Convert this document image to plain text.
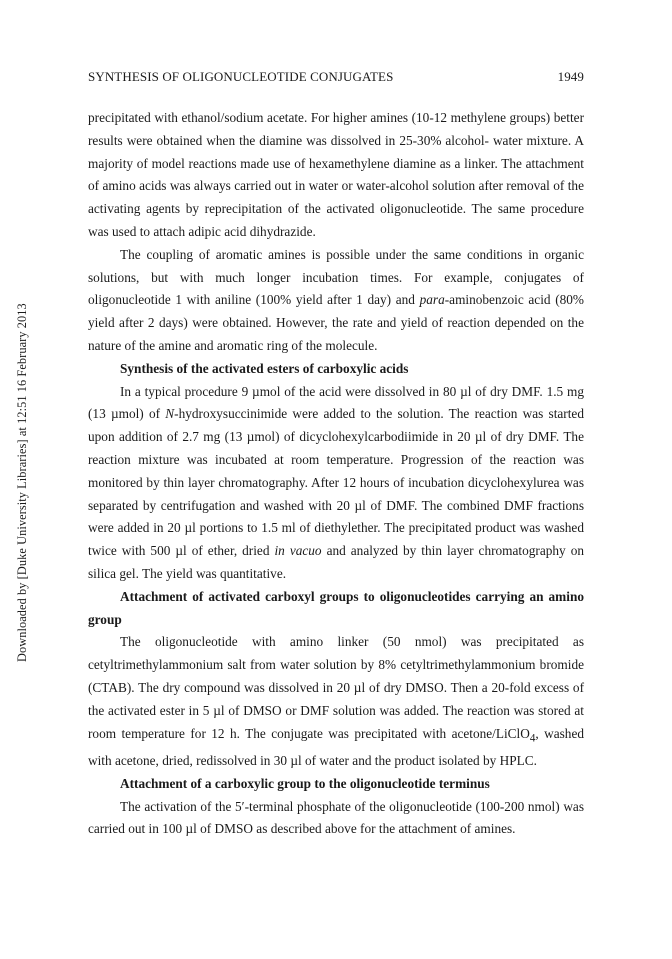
SYNTHESIS OF OLIGONUCLEOTIDE CONJUGATES	1949
Downloaded by [Duke University Libraries] at 12:51 16 February 2013

precipitated with ethanol/sodium acetate. For higher amines (10-12 methylene groups) better results were obtained when the diamine was dissolved in 25-30% alcohol- water mixture. A majority of model reactions made use of hexamethylene diamine as a linker. The attachment of amino acids was always carried out in water or water-alcohol solution after removal of the activating agents by reprecipitation of the activated oligonucleotide. The same procedure was used to attach adipic acid dihydrazide.

The coupling of aromatic amines is possible under the same conditions in organic solutions, but with much longer incubation times. For example, conjugates of oligonucleotide 1 with aniline (100% yield after 1 day) and para-aminobenzoic acid (80% yield after 2 days) were obtained. However, the rate and yield of reaction depended on the nature of the amine and aromatic ring of the molecule.

Synthesis of the activated esters of carboxylic acids

In a typical procedure 9 µmol of the acid were dissolved in 80 µl of dry DMF. 1.5 mg (13 µmol) of N-hydroxysuccinimide were added to the solution. The reaction was started upon addition of 2.7 mg (13 µmol) of dicyclohexylcarbodiimide in 20 µl of dry DMF. The reaction mixture was incubated at room temperature. Progression of the reaction was monitored by thin layer chromatography. After 12 hours of incubation dicyclohexylurea was separated by centrifugation and washed with 20 µl of DMF. The combined DMF fractions were added in 20 µl portions to 1.5 ml of diethylether. The precipitated product was washed twice with 500 µl of ether, dried in vacuo and analyzed by thin layer chromatography on silica gel. The yield was quantitative.

Attachment of activated carboxyl groups to oligonucleotides carrying an amino group

The oligonucleotide with amino linker (50 nmol) was precipitated as cetyltrimethylammonium salt from water solution by 8% cetyltrimethylammonium bromide (CTAB). The dry compound was dissolved in 20 µl of dry DMSO. Then a 20-fold excess of the activated ester in 5 µl of DMSO or DMF solution was added. The reaction was stored at room temperature for 12 h. The conjugate was precipitated with acetone/LiClO$_4$, washed with acetone, dried, redissolved in 30 µl of water and the product isolated by HPLC.

Attachment of a carboxylic group to the oligonucleotide terminus

The activation of the 5′-terminal phosphate of the oligonucleotide (100-200 nmol) was carried out in 100 µl of DMSO as described above for the attachment of amines.
